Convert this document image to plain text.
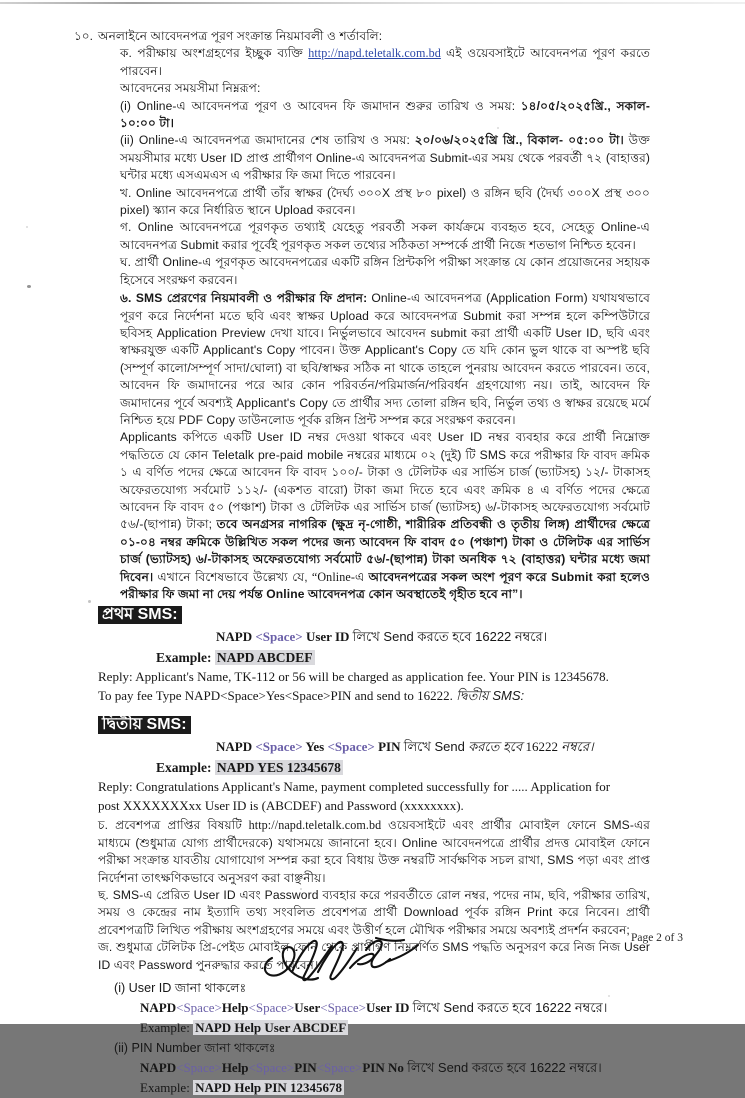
১০. অনলাইনে আবেদনপত্র পূরণ সংক্রান্ত নিয়মাবলী ও শর্তাবলি:

ক. পরীক্ষায় অংশগ্রহণের ইচ্ছুক ব্যক্তি http://napd.teletalk.com.bd এই ওয়েবসাইটে আবেদনপত্র পূরণ করতে পারবেন।

আবেদনের সময়সীমা নিম্নরূপ:

(i) Online-এ আবেদনপত্র পূরণ ও আবেদন ফি জমাদান শুরুর তারিখ ও সময়: ১৪/০৫/২০২৫খ্রি., সকাল- ১০:০০ টা।

(ii) Online-এ আবেদনপত্র জমাদানের শেষ তারিখ ও সময়: ২০/০৬/২০২৫খ্রি খ্রি., বিকাল- ০৫:০০ টা। উক্ত সময়সীমার মধ্যে User ID প্রাপ্ত প্রার্থীগণ Online-এ আবেদনপত্র Submit-এর সময় থেকে পরবর্তী ৭২ (বাহাত্তর) ঘন্টার মধ্যে এসএমএস এ পরীক্ষার ফি জমা দিতে পারবেন।

খ. Online আবেদনপত্রে প্রার্থী তাঁর স্বাক্ষর (দৈর্ঘ্য ৩০০X প্রস্থ ৮০ pixel) ও রঙ্গিন ছবি (দৈর্ঘ্য ৩০০X প্রস্থ ৩০০ pixel) স্ক্যান করে নির্ধারিত স্থানে Upload করবেন।

গ. Online আবেদনপত্রে পূরণকৃত তথ্যাই যেহেতু পরবর্তী সকল কার্যক্রমে ব্যবহৃত হবে, সেহেতু Online-এ আবেদনপত্র Submit করার পূর্বেই পূরণকৃত সকল তথ্যের সঠিকতা সম্পর্কে প্রার্থী নিজে শতভাগ নিশ্চিত হবেন।

ঘ. প্রার্থী Online-এ পূরণকৃত আবেদনপত্রের একটি রঙ্গিন প্রিন্টকপি পরীক্ষা সংক্রান্ত যে কোন প্রয়োজনের সহায়ক হিসেবে সংরক্ষণ করবেন।

৬. SMS প্রেরণের নিয়মাবলী ও পরীক্ষার ফি প্রদান: Online-এ আবেদনপত্র (Application Form) যথাযথভাবে পূরণ করে নির্দেশনা মতে ছবি এবং স্বাক্ষর Upload করে আবেদনপত্র Submit করা সম্পন্ন হলে কম্পিউটারে ছবিসহ Application Preview দেখা যাবে। নির্ভুলভাবে আবেদন submit করা প্রার্থী একটি User ID, ছবি এবং স্বাক্ষরযুক্ত একটি Applicant's Copy পাবেন। উক্ত Applicant's Copy তে যদি কোন ভুল থাকে বা অস্পষ্ট ছবি (সম্পূর্ণ কালো/সম্পূর্ণ সাদা/ঘোলা) বা ছবি/স্বাক্ষর সঠিক না থাকে তাহলে পুনরায় আবেদন করতে পারবেন। তবে, আবেদন ফি জমাদানের পরে আর কোন পরিবর্তন/পরিমার্জন/পরিবর্ধন গ্রহণযোগ্য নয়। তাই, আবেদন ফি জমাদানের পূর্বে অবশ্যই Applicant's Copy তে প্রার্থীর সদ্য তোলা রঙ্গিন ছবি, নির্ভুল তথ্য ও স্বাক্ষর রয়েছে মর্মে নিশ্চিত হয়ে PDF Copy ডাউনলোড পূর্বক রঙ্গিন প্রিন্ট সম্পন্ন করে সংরক্ষণ করবেন।

Applicants কপিতে একটি User ID নম্বর দেওয়া থাকবে এবং User ID নম্বর ব্যবহার করে প্রার্থী নিম্নোক্ত পদ্ধতিতে যে কোন Teletalk pre-paid mobile নম্বরের মাধ্যমে ০২ (দুই) টি SMS করে পরীক্ষার ফি বাবদ ক্রমিক ১ এ বর্ণিত পদের ক্ষেত্রে আবেদন ফি বাবদ ১০০/- টাকা ও টেলিটক এর সার্ভিস চার্জ (ভ্যাটসহ) ১২/- টাকাসহ অফেরতযোগ্য সর্বমোট ১১২/- (একশত বারো) টাকা জমা দিতে হবে এবং ক্রমিক ৪ এ বর্ণিত পদের ক্ষেত্রে আবেদন ফি বাবদ ৫০ (পঞ্চাশ) টাকা ও টেলিটক এর সার্ভিস চার্জ (ভ্যাটসহ) ৬/-টাকাসহ অফেরতযোগ্য সর্বমোট ৫৬/-(ছাপান্ন) টাকা; তবে অনগ্রসর নাগরিক (ক্ষুদ্র নৃ-গোষ্ঠী, শারীরিক প্রতিবন্ধী ও তৃতীয় লিঙ্গ) প্রার্থীদের ক্ষেত্রে ০১-০৪ নম্বর ক্রমিকে উল্লিখিত সকল পদের জন্য আবেদন ফি বাবদ ৫০ (পঞ্চাশ) টাকা ও টেলিটক এর সার্ভিস চার্জ (ভ্যাটসহ) ৬/-টাকাসহ অফেরতযোগ্য সর্বমোট ৫৬/-(ছাপান্ন) টাকা অনধিক ৭২ (বাহাত্তর) ঘন্টার মধ্যে জমা দিবেন। এখানে বিশেষভাবে উল্লেখ্য যে, “Online-এ আবেদনপত্রের সকল অংশ পূরণ করে Submit করা হলেও পরীক্ষার ফি জমা না দেয় পর্যন্ত Online আবেদনপত্র কোন অবস্থাতেই গৃহীত হবে না”।

প্রথম SMS:

NAPD <Space> User ID লিখে Send করতে হবে 16222 নম্বরে।

Example: NAPD ABCDEF

Reply: Applicant's Name, TK-112 or 56 will be charged as application fee. Your PIN is 12345678.

To pay fee Type NAPD<Space>Yes<Space>PIN and send to 16222. দ্বিতীয় SMS:

দ্বিতীয় SMS:

NAPD <Space> Yes <Space> PIN লিখে Send করতে হবে 16222 নম্বরে।

Example: NAPD YES 12345678

Reply: Congratulations Applicant's Name, payment completed successfully for ..... Application for

post XXXXXXXxx User ID is (ABCDEF) and Password (xxxxxxxx).

চ. প্রবেশপত্র প্রাপ্তির বিষয়টি http://napd.teletalk.com.bd ওয়েবসাইটে এবং প্রার্থীর মোবাইল ফোনে SMS-এর মাধ্যমে (শুধুমাত্র যোগ্য প্রার্থীদেরকে) যথাসময়ে জানানো হবে। Online আবেদনপত্রে প্রার্থীর প্রদত্ত মোবাইল ফোনে পরীক্ষা সংক্রান্ত যাবতীয় যোগাযোগ সম্পন্ন করা হবে বিধায় উক্ত নম্বরটি সার্বক্ষণিক সচল রাখা, SMS পড়া এবং প্রাপ্ত নির্দেশনা তাৎক্ষণিকভাবে অনুসরণ করা বাঞ্ছনীয়।

ছ. SMS-এ প্রেরিত User ID এবং Password ব্যবহার করে পরবর্তীতে রোল নম্বর, পদের নাম, ছবি, পরীক্ষার তারিখ, সময় ও কেন্দ্রের নাম ইত্যাদি তথ্য সংবলিত প্রবেশপত্র প্রার্থী Download পূর্বক রঙ্গিন Print করে নিবেন। প্রার্থী প্রবেশপত্রটি লিখিত পরীক্ষায় অংশগ্রহণের সময়ে এবং উত্তীর্ণ হলে মৌখিক পরীক্ষার সময়ে অবশ্যই প্রদর্শন করবেন;

জ. শুধুমাত্র টেলিটক প্রি-পেইড মোবাইল ফোন থেকে প্রার্থীগণ নিম্নবর্ণিত SMS পদ্ধতি অনুসরণ করে নিজ নিজ User ID এবং Password পুনরুদ্ধার করতে পারবেন।

(i) User ID জানা থাকলেঃ

NAPD<Space>Help<Space>User<Space>User ID লিখে Send করতে হবে 16222 নম্বরে।

Example: NAPD Help User ABCDEF

(ii) PIN Number জানা থাকলেঃ

NAPD<Space>Help<Space>PIN<Space>PIN No লিখে Send করতে হবে 16222 নম্বরে।

Example: NAPD Help PIN 12345678

Page 2 of 3
